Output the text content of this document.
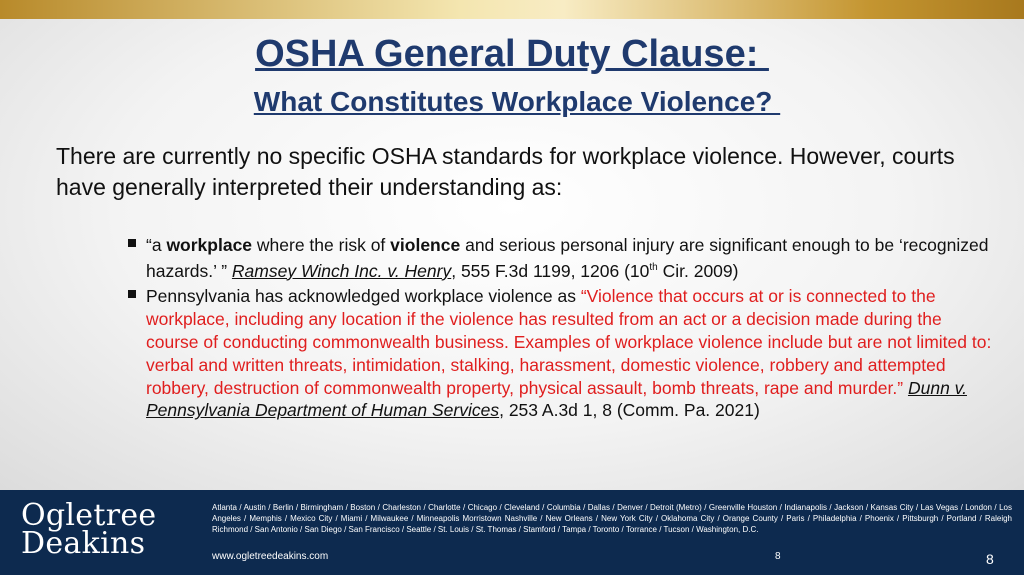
OSHA General Duty Clause:
What Constitutes Workplace Violence?
There are currently no specific OSHA standards for workplace violence. However, courts have generally interpreted their understanding as:
“a workplace where the risk of violence and serious personal injury are significant enough to be ‘recognized hazards.’ ” Ramsey Winch Inc. v. Henry, 555 F.3d 1199, 1206 (10th Cir. 2009)
Pennsylvania has acknowledged workplace violence as “Violence that occurs at or is connected to the workplace, including any location if the violence has resulted from an act or a decision made during the course of conducting commonwealth business. Examples of workplace violence include but are not limited to: verbal and written threats, intimidation, stalking, harassment, domestic violence, robbery and attempted robbery, destruction of commonwealth property, physical assault, bomb threats, rape and murder.” Dunn v. Pennsylvania Department of Human Services, 253 A.3d 1, 8 (Comm. Pa. 2021)
Ogletree
Deakins
Atlanta / Austin / Berlin / Birmingham / Boston / Charleston / Charlotte / Chicago / Cleveland / Columbia / Dallas / Denver / Detroit (Metro) / Greenville Houston / Indianapolis / Jackson / Kansas City / Las Vegas / London / Los Angeles / Memphis / Mexico City / Miami / Milwaukee / Minneapolis Morristown Nashville / New Orleans / New York City / Oklahoma City / Orange County / Paris / Philadelphia / Phoenix / Pittsburgh / Portland / Raleigh Richmond / San Antonio / San Diego / San Francisco / Seattle / St. Louis / St. Thomas / Stamford / Tampa / Toronto / Torrance / Tucson / Washington, D.C.
www.ogletreedeakins.com	8	8
